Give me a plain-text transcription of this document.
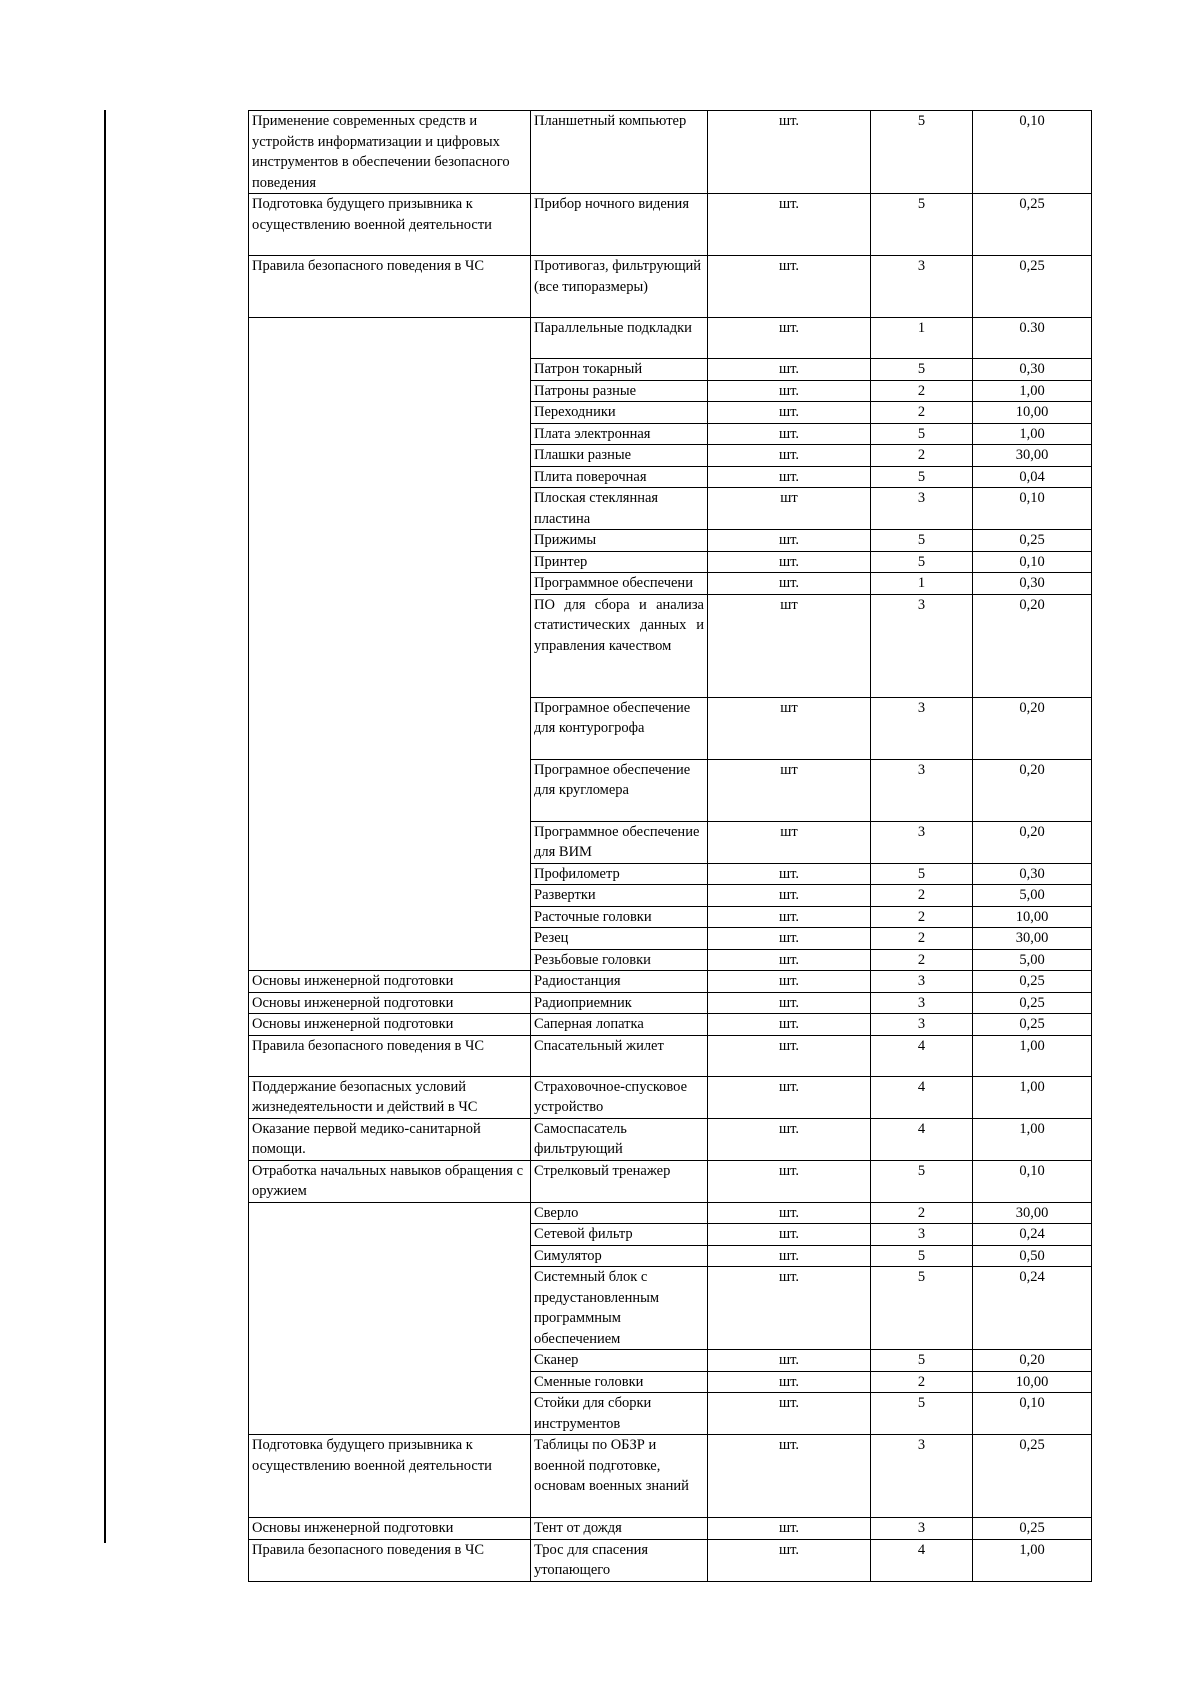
Применение современных средств и устройств информатизации и цифровых инструментов в обеспечении безопасного поведения	Планшетный компьютер	шт.	5	0,10
Подготовка будущего призывника к осуществлению военной деятельности	Прибор ночного видения	шт.	5	0,25
Правила безопасного поведения в ЧС	Противогаз, фильтрующий (все типоразмеры)	шт.	3	0,25
	Параллельные подкладки	шт.	1	0.30
	Патрон токарный	шт.	5	0,30
	Патроны разные	шт.	2	1,00
	Переходники	шт.	2	10,00
	Плата электронная	шт.	5	1,00
	Плашки разные	шт.	2	30,00
	Плита поверочная	шт.	5	0,04
	Плоская стеклянная пластина	шт	3	0,10
	Прижимы	шт.	5	0,25
	Принтер	шт.	5	0,10
	Программное обеспечени	шт.	1	0,30
	ПО для сбора и анализа статистических данных и управления качеством	шт	3	0,20
	Програмное обеспечение для контурогрофа	шт	3	0,20
	Програмное обеспечение для кругломера	шт	3	0,20
	Программное обеспечение для ВИМ	шт	3	0,20
	Профилометр	шт.	5	0,30
	Развертки	шт.	2	5,00
	Расточные головки	шт.	2	10,00
	Резец	шт.	2	30,00
	Резьбовые головки	шт.	2	5,00
Основы инженерной подготовки	Радиостанция	шт.	3	0,25
Основы инженерной подготовки	Радиоприемник	шт.	3	0,25
Основы инженерной подготовки	Саперная лопатка	шт.	3	0,25
Правила безопасного поведения в ЧС	Спасательный жилет	шт.	4	1,00
Поддержание безопасных условий жизнедеятельности и действий в ЧС	Страховочное-спусковое устройство	шт.	4	1,00
Оказание первой медико-санитарной помощи.	Самоспасатель фильтрующий	шт.	4	1,00
Отработка начальных навыков обращения с оружием	Стрелковый тренажер	шт.	5	0,10
	Сверло	шт.	2	30,00
	Сетевой фильтр	шт.	3	0,24
	Симулятор	шт.	5	0,50
	Системный блок с предустановленным программным обеспечением	шт.	5	0,24
	Сканер	шт.	5	0,20
	Сменные головки	шт.	2	10,00
	Стойки для сборки инструментов	шт.	5	0,10
Подготовка будущего призывника к осуществлению военной деятельности	Таблицы по ОБЗР и военной подготовке, основам военных знаний	шт.	3	0,25
Основы инженерной подготовки	Тент от дождя	шт.	3	0,25
Правила безопасного поведения в ЧС	Трос для спасения утопающего	шт.	4	1,00
